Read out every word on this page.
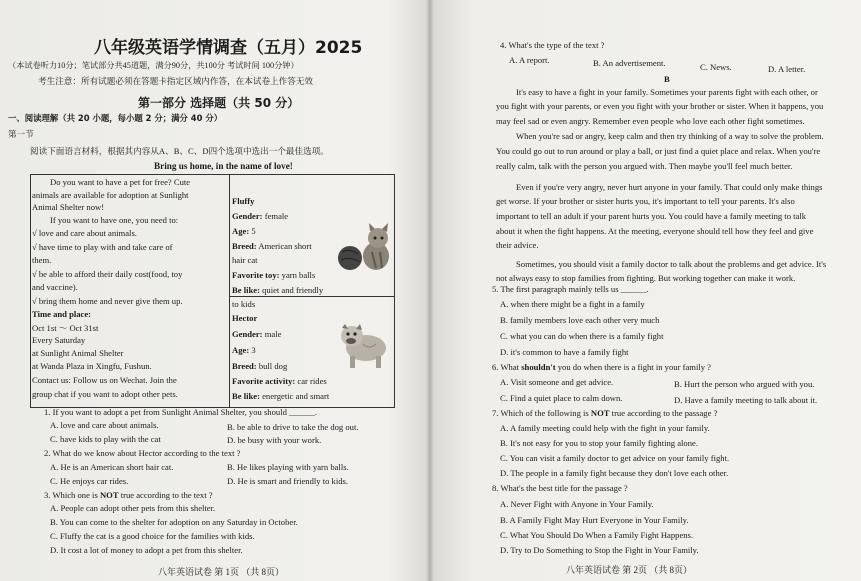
八年级英语学情调查（五月）2025
（本试卷听力10分；笔试部分共45道题，满分90分，共100分 考试时间 100分钟）
考生注意：所有试题必须在答题卡指定区域内作答，在本试卷上作答无效
第一部分 选择题（共 50 分）
一、阅读理解（共 20 小题，每小题 2 分；满分 40 分）
第一节
阅读下面语言材料，根据其内容从A、B、C、D四个选项中选出一个最佳选项。
Bring us home, in the name of love!
Do you want to have a pet for free? Cute
animals are available for adoption at Sunlight
Animal Shelter now!
If you want to have one, you need to:
√ love and care about animals.
√ have time to play with and take care of
them.
√ be able to afford their daily cost(food, toy
and vaccine).
√ bring them home and never give them up.
Time and place:
Oct 1st ～ Oct 31st
Every Saturday
at Sunlight Animal Shelter
at Wanda Plaza in Xingfu, Fushun.
Contact us: Follow us on Wechat. Join the
group chat if you want to adopt other pets.
Fluffy
Gender: female
Age: 5
Breed: American short
hair cat
Favorite toy: yarn balls
Be like: quiet and friendly
to kids
Hector
Gender: male
Age: 3
Breed: bull dog
Favorite activity: car rides
Be like: energetic and smart
1. If you want to adopt a pet from Sunlight Animal Shelter, you should ______.
A. love and care about animals.	B. be able to drive to take the dog out.
C. have kids to play with the cat	D. be busy with your work.
2. What do we know about Hector according to the text ?
A. He is an American short hair cat.	B. He likes playing with yarn balls.
C. He enjoys car rides.	D. He is smart and friendly to kids.
3. Which one is NOT true according to the text ?
A. People can adopt other pets from this shelter.
B. You can come to the shelter for adoption on any Saturday in October.
C. Fluffy the cat is a good choice for the families with kids.
D. It cost a lot of money to adopt a pet from this shelter.
八年英语试卷 第 1页 （共 8页）
4. What's the type of the text ?
A. A report.	B. An advertisement.	C. News.	D. A letter.
B
It's easy to have a fight in your family. Sometimes your parents fight with each other, or
you fight with your parents, or even you fight with your brother or sister. When it happens, you
may feel sad or even angry. Remember even people who love each other fight sometimes.
When you're sad or angry, keep calm and then try thinking of a way to solve the problem.
You could go out to run around or play a ball, or just find a quiet place and relax. When you're
really calm, talk with the person you argued with. Then maybe you'll feel much better.
Even if you're very angry, never hurt anyone in your family. That could only make things
get worse. If your brother or sister hurts you, it's important to tell your parents. It's also
important to tell an adult if your parent hurts you. You could have a family meeting to talk
about it when the fight happens. At the meeting, everyone should tell how they feel and give
their advice.
Sometimes, you should visit a family doctor to talk about the problems and get advice. It's
not always easy to stop families from fighting. But working together can make it work.
5. The first paragraph mainly tells us ______.
A. when there might be a fight in a family
B. family members love each other very much
C. what you can do when there is a family fight
D. it's common to have a family fight
6. What shouldn't you do when there is a fight in your family ?
A. Visit someone and get advice.	B. Hurt the person who argued with you.
C. Find a quiet place to calm down.	D. Have a family meeting to talk about it.
7. Which of the following is NOT true according to the passage ?
A. A family meeting could help with the fight in your family.
B. It's not easy for you to stop your family fighting alone.
C. You can visit a family doctor to get advice on your family fight.
D. The people in a family fight because they don't love each other.
8. What's the best title for the passage ?
A. Never Fight with Anyone in Your Family.
B. A Family Fight May Hurt Everyone in Your Family.
C. What You Should Do When a Family Fight Happens.
D. Try to Do Something to Stop the Fight in Your Family.
八年英语试卷 第 2页 （共 8页）
